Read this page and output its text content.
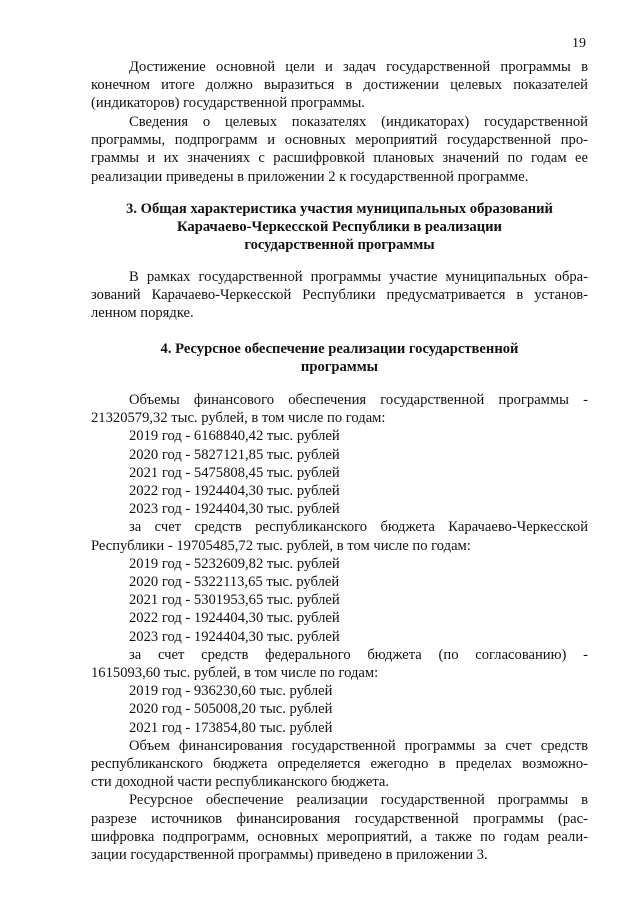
19
Достижение основной цели и задач государственной программы в
конечном итоге должно выразиться в достижении целевых показателей
(индикаторов) государственной программы.
Сведения о целевых показателях (индикаторах) государственной
программы, подпрограмм и основных мероприятий государственной про-
граммы и их значениях с расшифровкой плановых значений по годам ее
реализации приведены в приложении 2 к государственной программе.
3. Общая характеристика участия муниципальных образований
Карачаево-Черкесской Республики в реализации
государственной программы
В рамках государственной программы участие муниципальных обра-
зований Карачаево-Черкесской Республики предусматривается в установ-
ленном порядке.
4. Ресурсное обеспечение реализации государственной
программы
Объемы финансового обеспечения государственной программы -
21320579,32 тыс. рублей, в том числе по годам:
2019 год - 6168840,42 тыс. рублей
2020 год - 5827121,85 тыс. рублей
2021 год - 5475808,45 тыс. рублей
2022 год - 1924404,30 тыс. рублей
2023 год - 1924404,30 тыс. рублей
за счет средств республиканского бюджета Карачаево-Черкесской
Республики - 19705485,72 тыс. рублей, в том числе по годам:
2019 год - 5232609,82 тыс. рублей
2020 год - 5322113,65 тыс. рублей
2021 год - 5301953,65 тыс. рублей
2022 год - 1924404,30 тыс. рублей
2023 год - 1924404,30 тыс. рублей
за счет средств федерального бюджета (по согласованию) -
1615093,60 тыс. рублей, в том числе по годам:
2019 год - 936230,60 тыс. рублей
2020 год - 505008,20 тыс. рублей
2021 год - 173854,80 тыс. рублей
Объем финансирования государственной программы за счет средств
республиканского бюджета определяется ежегодно в пределах возможно-
сти доходной части республиканского бюджета.
Ресурсное обеспечение реализации государственной программы в
разрезе источников финансирования государственной программы (рас-
шифровка подпрограмм, основных мероприятий, а также по годам реали-
зации государственной программы) приведено в приложении 3.
